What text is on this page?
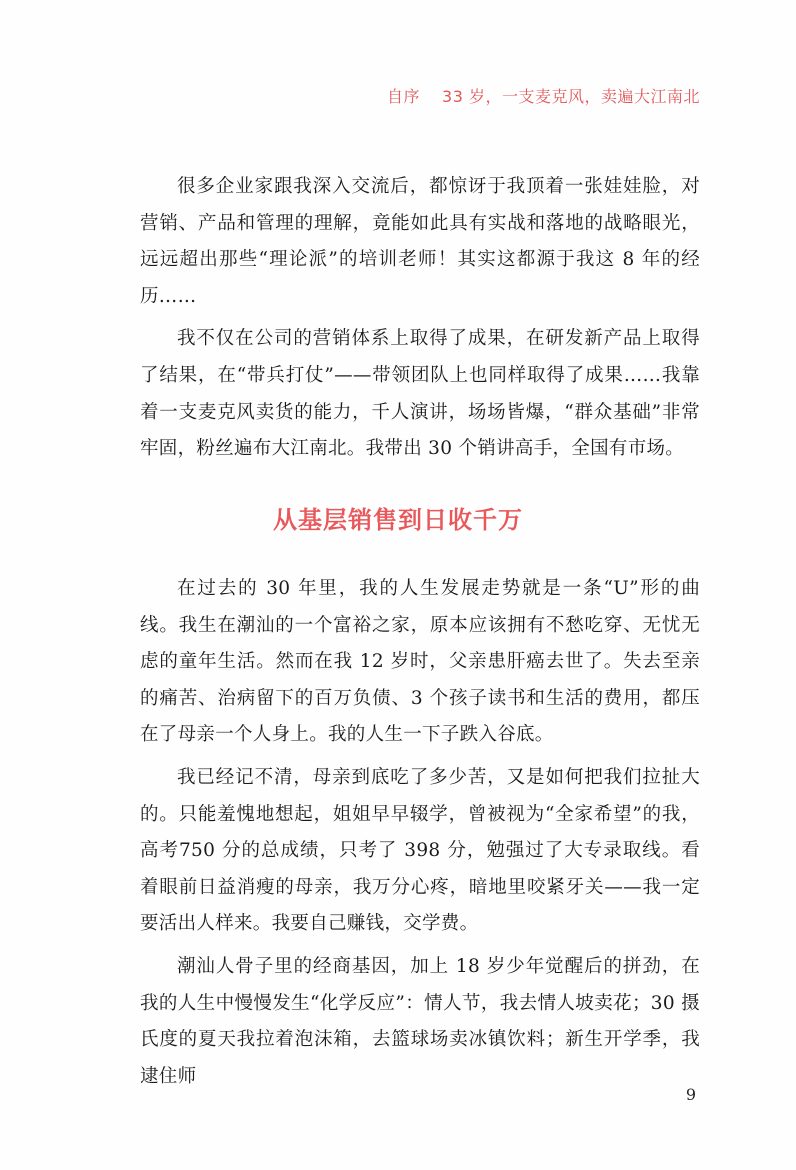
自序 33 岁，一支麦克风，卖遍大江南北

很多企业家跟我深入交流后，都惊讶于我顶着一张娃娃脸，对营销、产品和管理的理解，竟能如此具有实战和落地的战略眼光，远远超出那些“理论派”的培训老师！其实这都源于我这 8 年的经历……

我不仅在公司的营销体系上取得了成果，在研发新产品上取得了结果，在“带兵打仗”——带领团队上也同样取得了成果……我靠着一支麦克风卖货的能力，千人演讲，场场皆爆，“群众基础”非常牢固，粉丝遍布大江南北。我带出 30 个销讲高手，全国有市场。

从基层销售到日收千万

在过去的 30 年里，我的人生发展走势就是一条“U”形的曲线。我生在潮汕的一个富裕之家，原本应该拥有不愁吃穿、无忧无虑的童年生活。然而在我 12 岁时，父亲患肝癌去世了。失去至亲的痛苦、治病留下的百万负债、3 个孩子读书和生活的费用，都压在了母亲一个人身上。我的人生一下子跌入谷底。

我已经记不清，母亲到底吃了多少苦，又是如何把我们拉扯大的。只能羞愧地想起，姐姐早早辍学，曾被视为“全家希望”的我，高考750 分的总成绩，只考了 398 分，勉强过了大专录取线。看着眼前日益消瘦的母亲，我万分心疼，暗地里咬紧牙关——我一定要活出人样来。我要自己赚钱，交学费。

潮汕人骨子里的经商基因，加上 18 岁少年觉醒后的拼劲，在我的人生中慢慢发生“化学反应”：情人节，我去情人坡卖花；30 摄氏度的夏天我拉着泡沫箱，去篮球场卖冰镇饮料；新生开学季，我逮住师

9
